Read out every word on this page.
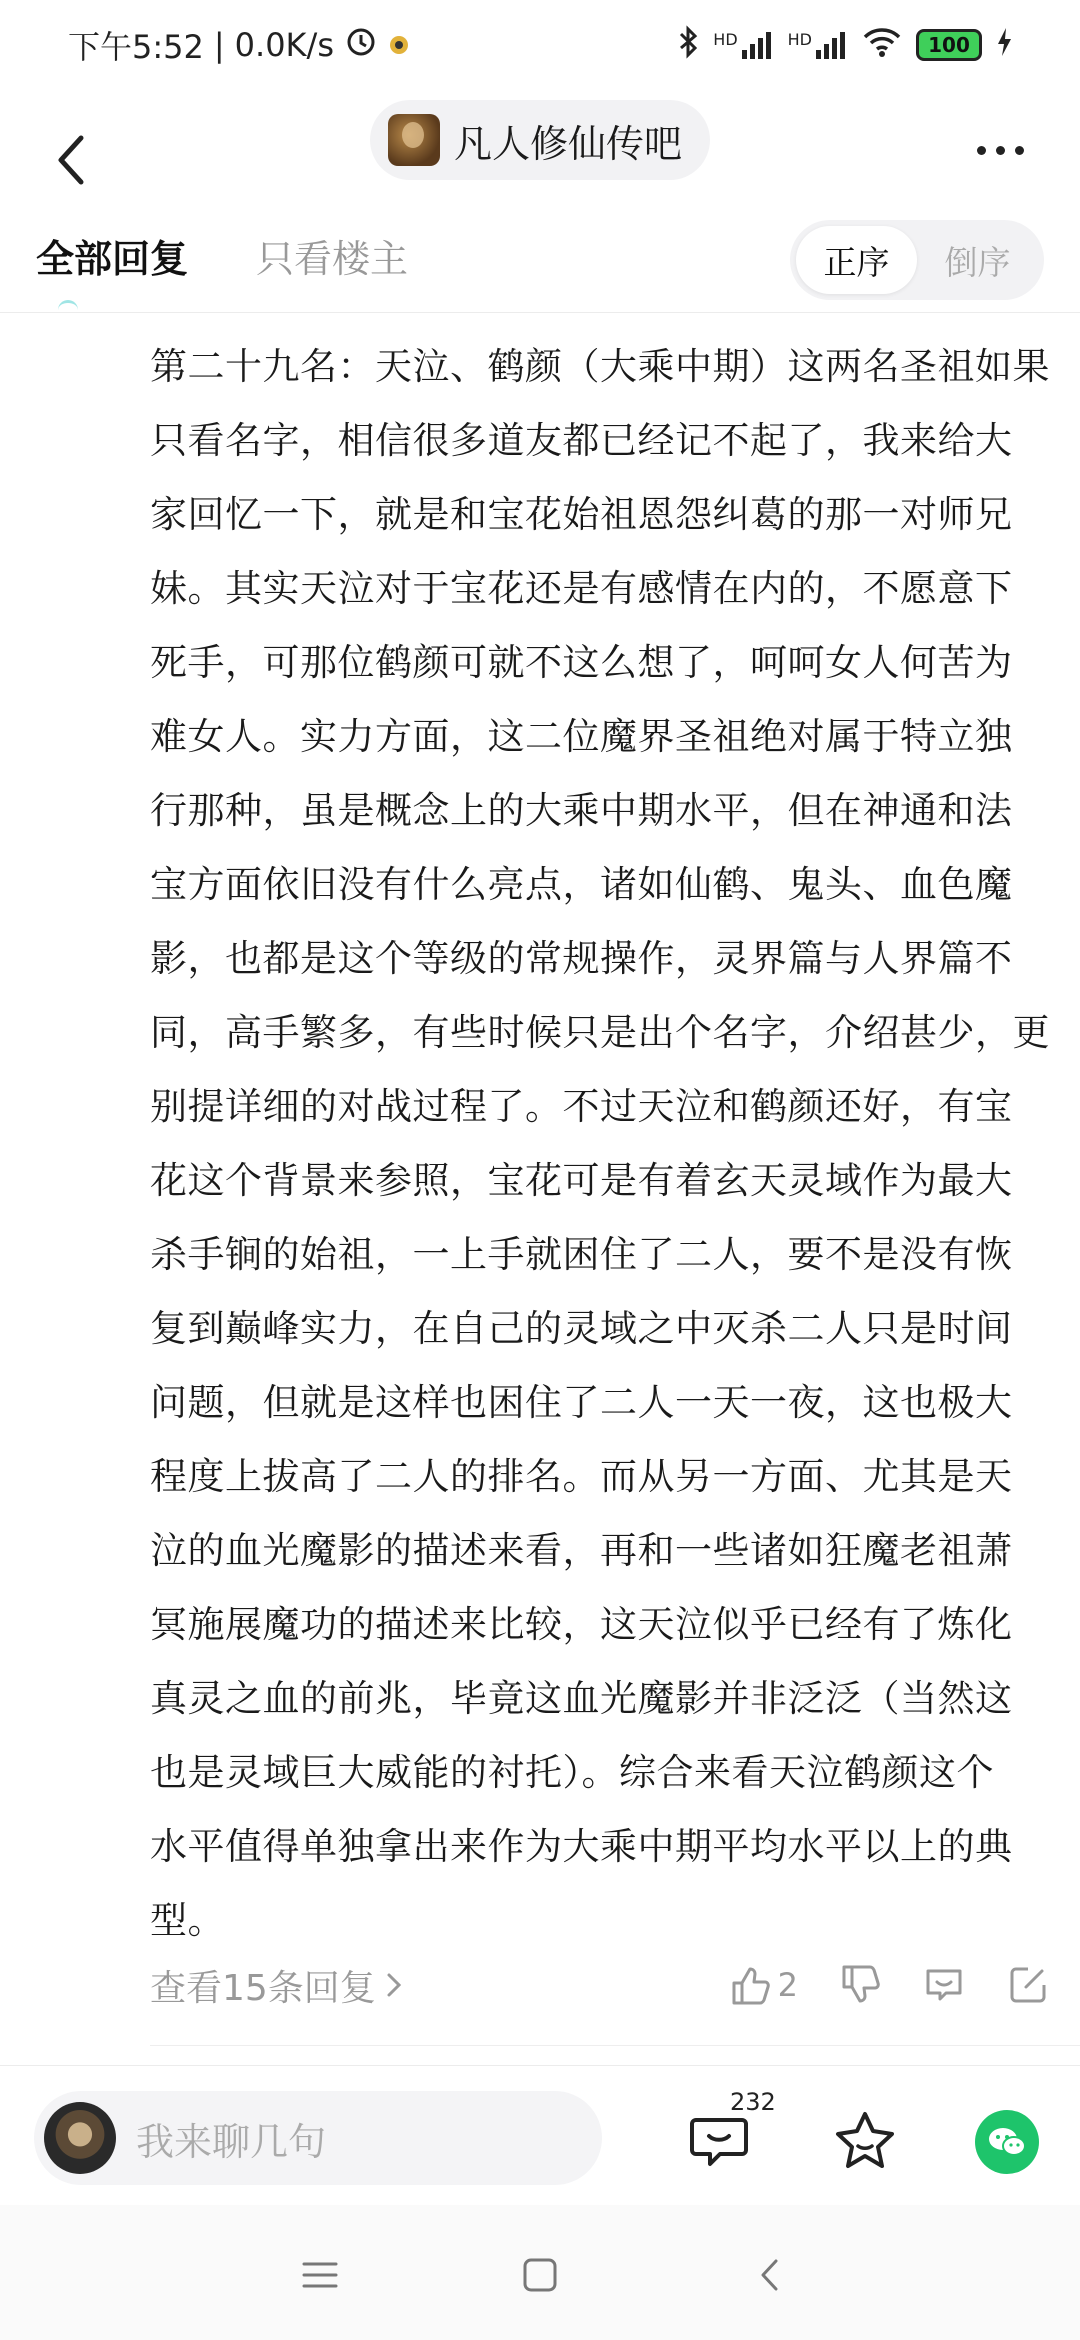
下午5:52 | 0.0K/s	HD	HD	100
凡人修仙传吧
全部回复 只看楼主	正序	倒序
第二十九名：天泣、鹤颜（大乘中期）这两名圣祖如果
只看名字，相信很多道友都已经记不起了，我来给大
家回忆一下，就是和宝花始祖恩怨纠葛的那一对师兄
妹。其实天泣对于宝花还是有感情在内的，不愿意下
死手，可那位鹤颜可就不这么想了，呵呵女人何苦为
难女人。实力方面，这二位魔界圣祖绝对属于特立独
行那种，虽是概念上的大乘中期水平，但在神通和法
宝方面依旧没有什么亮点，诸如仙鹤、鬼头、血色魔
影，也都是这个等级的常规操作，灵界篇与人界篇不
同，高手繁多，有些时候只是出个名字，介绍甚少，更
别提详细的对战过程了。不过天泣和鹤颜还好，有宝
花这个背景来参照，宝花可是有着玄天灵域作为最大
杀手锏的始祖，一上手就困住了二人，要不是没有恢
复到巅峰实力，在自己的灵域之中灭杀二人只是时间
问题，但就是这样也困住了二人一天一夜，这也极大
程度上拔高了二人的排名。而从另一方面、尤其是天
泣的血光魔影的描述来看，再和一些诸如狂魔老祖萧
冥施展魔功的描述来比较，这天泣似乎已经有了炼化
真灵之血的前兆，毕竟这血光魔影并非泛泛（当然这
也是灵域巨大威能的衬托）。综合来看天泣鹤颜这个
水平值得单独拿出来作为大乘中期平均水平以上的典
型。
查看15条回复	2
我来聊几句
232
